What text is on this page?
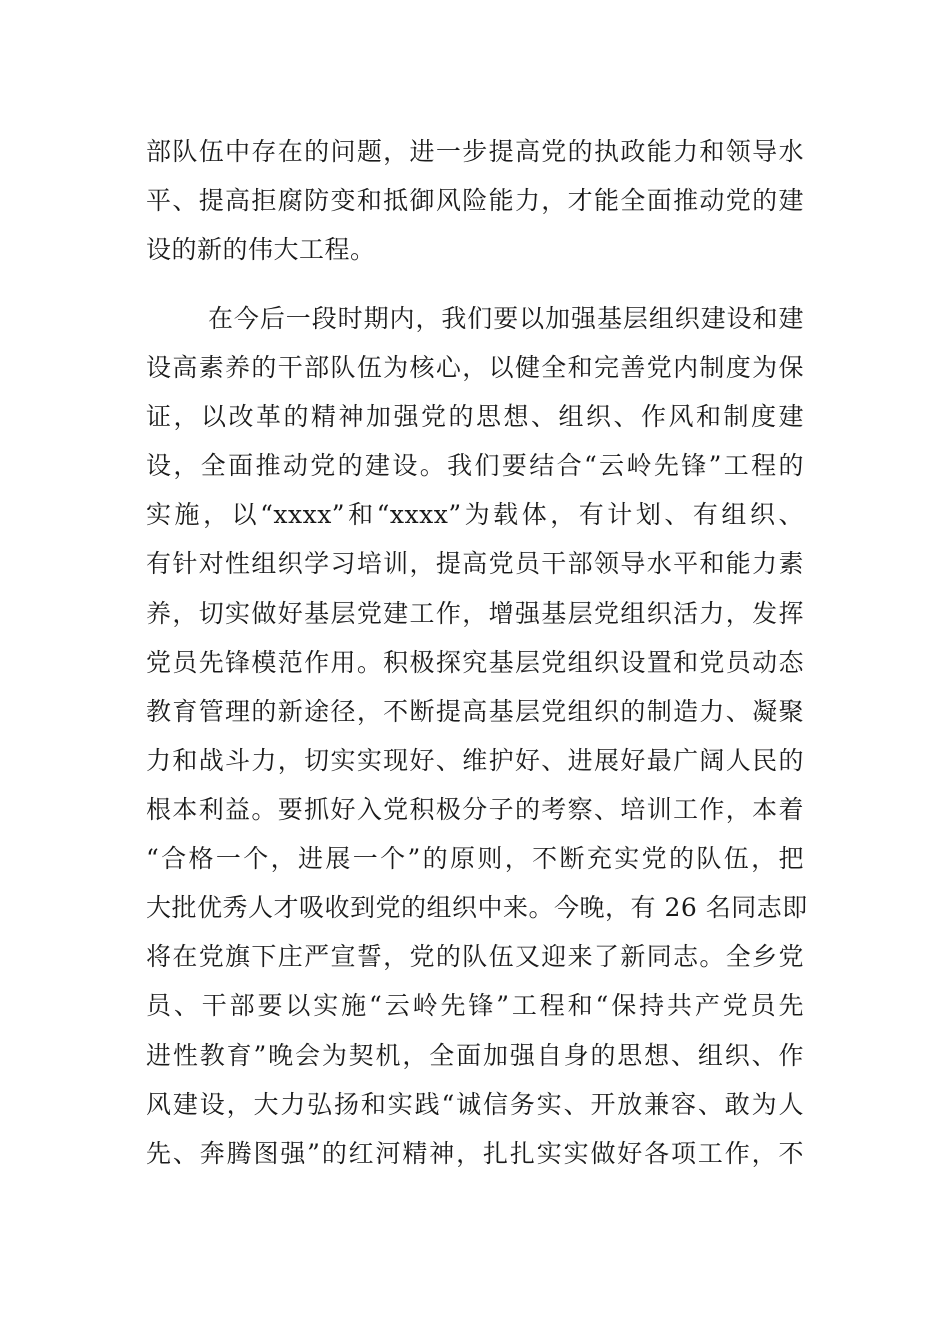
部队伍中存在的问题，进一步提高党的执政能力和领导水
平、提高拒腐防变和抵御风险能力，才能全面推动党的建
设的新的伟大工程。
在今后一段时期内，我们要以加强基层组织建设和建
设高素养的干部队伍为核心，以健全和完善党内制度为保
证，以改革的精神加强党的思想、组织、作风和制度建
设，全面推动党的建设。我们要结合“云岭先锋”工程的
实施，以“xxxx”和“xxxx”为载体，有计划、有组织、
有针对性组织学习培训，提高党员干部领导水平和能力素
养，切实做好基层党建工作，增强基层党组织活力，发挥
党员先锋模范作用。积极探究基层党组织设置和党员动态
教育管理的新途径，不断提高基层党组织的制造力、凝聚
力和战斗力，切实实现好、维护好、进展好最广阔人民的
根本利益。要抓好入党积极分子的考察、培训工作，本着
“合格一个，进展一个”的原则，不断充实党的队伍，把
大批优秀人才吸收到党的组织中来。今晚，有 26 名同志即
将在党旗下庄严宣誓，党的队伍又迎来了新同志。全乡党
员、干部要以实施“云岭先锋”工程和“保持共产党员先
进性教育”晚会为契机，全面加强自身的思想、组织、作
风建设，大力弘扬和实践“诚信务实、开放兼容、敢为人
先、奔腾图强”的红河精神，扎扎实实做好各项工作，不
